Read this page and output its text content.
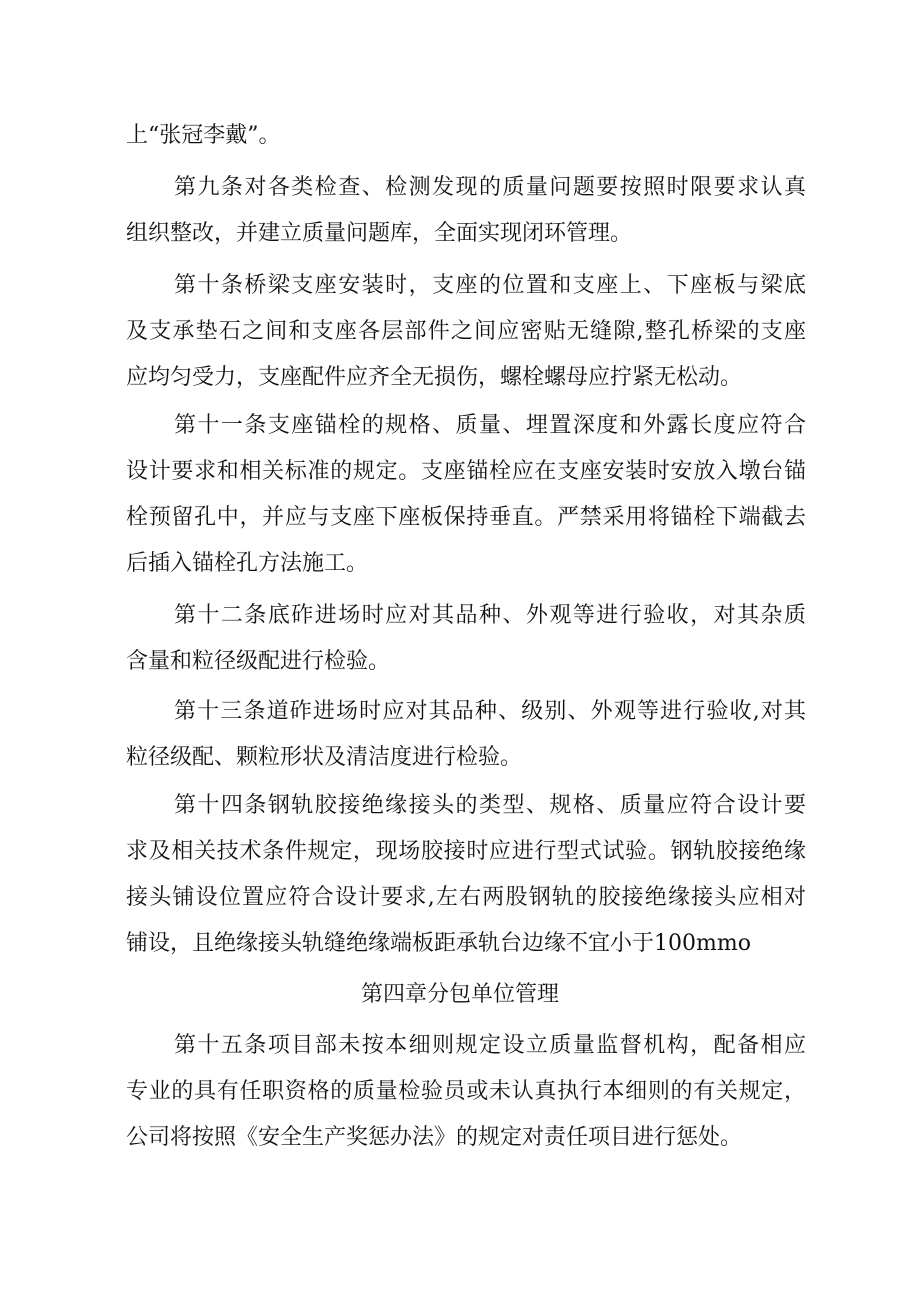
上“张冠李戴”。
第九条对各类检查、检测发现的质量问题要按照时限要求认真
组织整改，并建立质量问题库，全面实现闭环管理。
第十条桥梁支座安装时，支座的位置和支座上、下座板与梁底
及支承垫石之间和支座各层部件之间应密贴无缝隙,整孔桥梁的支座
应均匀受力，支座配件应齐全无损伤，螺栓螺母应拧紧无松动。
第十一条支座锚栓的规格、质量、埋置深度和外露长度应符合
设计要求和相关标准的规定。支座锚栓应在支座安装时安放入墩台锚
栓预留孔中，并应与支座下座板保持垂直。严禁采用将锚栓下端截去
后插入锚栓孔方法施工。
第十二条底砟进场时应对其品种、外观等进行验收，对其杂质
含量和粒径级配进行检验。
第十三条道砟进场时应对其品种、级别、外观等进行验收,对其
粒径级配、颗粒形状及清洁度进行检验。
第十四条钢轨胶接绝缘接头的类型、规格、质量应符合设计要
求及相关技术条件规定，现场胶接时应进行型式试验。钢轨胶接绝缘
接头铺设位置应符合设计要求,左右两股钢轨的胶接绝缘接头应相对
铺设，且绝缘接头轨缝绝缘端板距承轨台边缘不宜小于100mmo
第四章分包单位管理
第十五条项目部未按本细则规定设立质量监督机构，配备相应
专业的具有任职资格的质量检验员或未认真执行本细则的有关规定，
公司将按照《安全生产奖惩办法》的规定对责任项目进行惩处。
